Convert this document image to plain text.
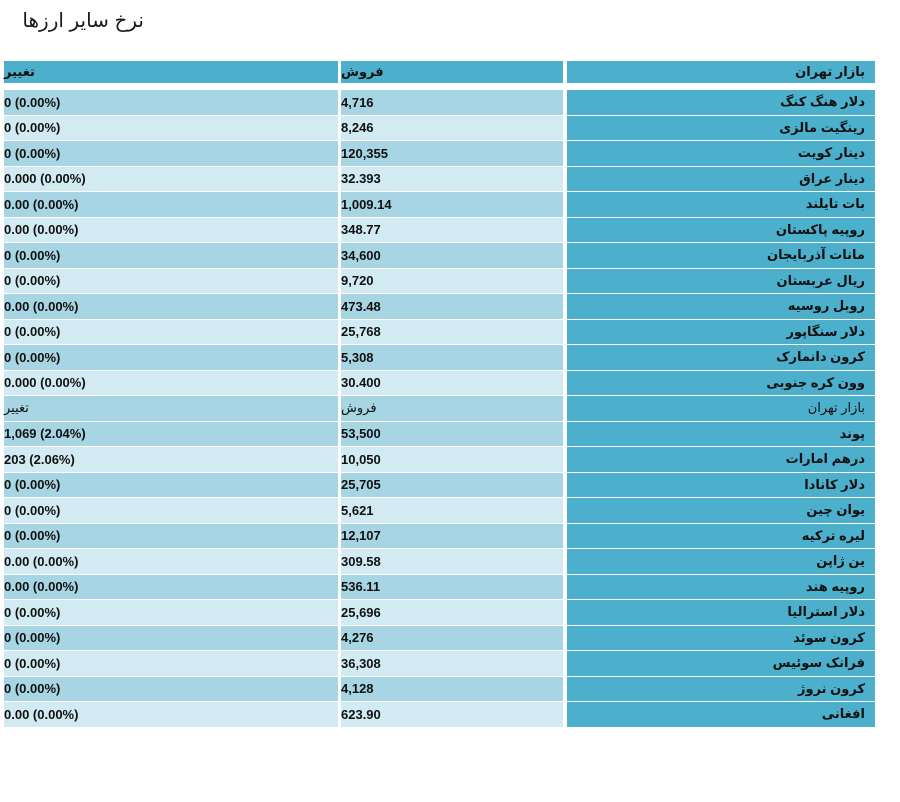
نرخ سایر ارزها
تغییر	فروش	بازار تهران
0 (0.00%)	4,716	دلار هنگ کنگ
0 (0.00%)	8,246	رینگیت مالزی
0 (0.00%)	120,355	دینار کویت
0.000 (0.00%)	32.393	دینار عراق
0.00 (0.00%)	1,009.14	بات تایلند
0.00 (0.00%)	348.77	روپیه پاکستان
0 (0.00%)	34,600	مانات آذربایجان
0 (0.00%)	9,720	ریال عربستان
0.00 (0.00%)	473.48	روبل روسیه
0 (0.00%)	25,768	دلار سنگاپور
0 (0.00%)	5,308	کرون دانمارک
0.000 (0.00%)	30.400	وون کره جنوبی
تغییر	فروش	بازار تهران
1,069 (2.04%)	53,500	پوند
203 (2.06%)	10,050	درهم امارات
0 (0.00%)	25,705	دلار کانادا
0 (0.00%)	5,621	یوان چین
0 (0.00%)	12,107	لیره ترکیه
0.00 (0.00%)	309.58	ین ژاپن
0.00 (0.00%)	536.11	روپیه هند
0 (0.00%)	25,696	دلار استرالیا
0 (0.00%)	4,276	کرون سوئد
0 (0.00%)	36,308	فرانک سوئیس
0 (0.00%)	4,128	کرون نروژ
0.00 (0.00%)	623.90	افغانی
